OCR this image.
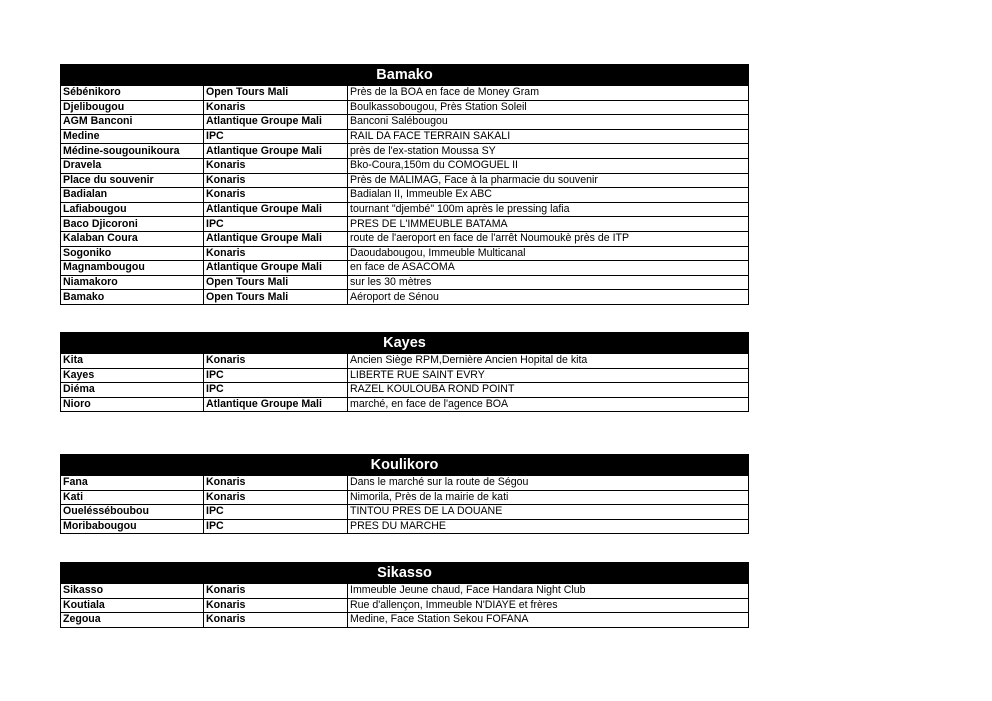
Bamako		
Sébénikoro	Open Tours Mali	Près de la BOA en face de Money Gram
Djelibougou	Konaris	Boulkassobougou, Près Station Soleil
AGM Banconi	Atlantique Groupe Mali	Banconi Salébougou
Medine	IPC	RAIL DA FACE TERRAIN SAKALI
Médine-sougounikoura	Atlantique Groupe Mali	près de l'ex-station Moussa SY
Dravela	Konaris	Bko-Coura,150m du COMOGUEL II
Place du souvenir	Konaris	Près de MALIMAG, Face à la pharmacie du souvenir
Badialan	Konaris	Badialan II, Immeuble Ex ABC
Lafiabougou	Atlantique Groupe Mali	tournant "djembé" 100m après le pressing lafia
Baco Djicoroni	IPC	PRES DE L'IMMEUBLE BATAMA
Kalaban Coura	Atlantique Groupe Mali	route de l'aeroport en face de l'arrêt Noumoukè près de ITP
Sogoniko	Konaris	Daoudabougou, Immeuble Multicanal
Magnambougou	Atlantique Groupe Mali	en face de ASACOMA
Niamakoro	Open Tours Mali	sur les 30 mètres
Bamako	Open Tours Mali	Aéroport de Sénou
Kayes		
Kita	Konaris	Ancien Siège RPM,Dernière Ancien Hopital de kita
Kayes	IPC	LIBERTE RUE SAINT EVRY
Diéma	IPC	RAZEL KOULOUBA ROND POINT
Nioro	Atlantique Groupe Mali	marché, en face de l'agence BOA
Koulikoro		
Fana	Konaris	Dans le marché sur la route de Ségou
Kati	Konaris	Nimorila, Près de la mairie de kati
Ouelésséboubou	IPC	TINTOU PRES DE LA DOUANE
Moribabougou	IPC	PRES DU MARCHE
Sikasso		
Sikasso	Konaris	Immeuble Jeune chaud, Face Handara Night Club
Koutiala	Konaris	Rue d'allençon, Immeuble N'DIAYE et frères
Zegoua	Konaris	Medine, Face Station Sekou FOFANA
